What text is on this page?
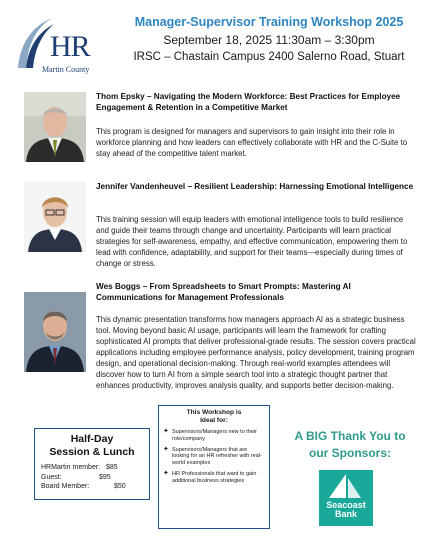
HR
Martin County
Manager-Supervisor Training Workshop 2025
September 18, 2025 11:30am – 3:30pm
IRSC – Chastain Campus 2400 Salerno Road, Stuart
Thom Epsky – Navigating the Modern Workforce: Best Practices for Employee Engagement & Retention in a Competitive Market
This program is designed for managers and supervisors to gain insight into their role in workforce planning and how leaders can effectively collaborate with HR and the C-Suite to stay ahead of the competitive talent market.
Jennifer Vandenheuvel – Resilient Leadership: Harnessing Emotional Intelligence
This training session will equip leaders with emotional intelligence tools to build resilience and guide their teams through change and uncertainty. Participants will learn practical strategies for self-awareness, empathy, and effective communication, empowering them to lead with confidence, adaptability, and support for their teams—especially during times of change or stress.
Wes Boggs – From Spreadsheets to Smart Prompts: Mastering AI Communications for Management Professionals
This dynamic presentation transforms how managers approach AI as a strategic business tool. Moving beyond basic AI usage, participants will learn the framework for crafting sophisticated AI prompts that deliver professional-grade results. The session covers practical applications including employee performance analysis, policy development, training program design, and operational decision-making. Through real-world examples attendees will discover how to turn AI from a simple search tool into a strategic thought partner that enhances productivity, improves analysis quality, and supports better decision-making.
Half-Day
Session & Lunch
HRMartin member: $85
Guest:	$95
Board Member:	$50
This Workshop is
Ideal for:
✦ Supervisors/Managers new to their role/company
✦ Supervisors/Managers that are looking for an HR refresher with real-world examples
✦ HR Professionals that want to gain additional business strategies
A BIG Thank You to
our Sponsors:
Seacoast
Bank
